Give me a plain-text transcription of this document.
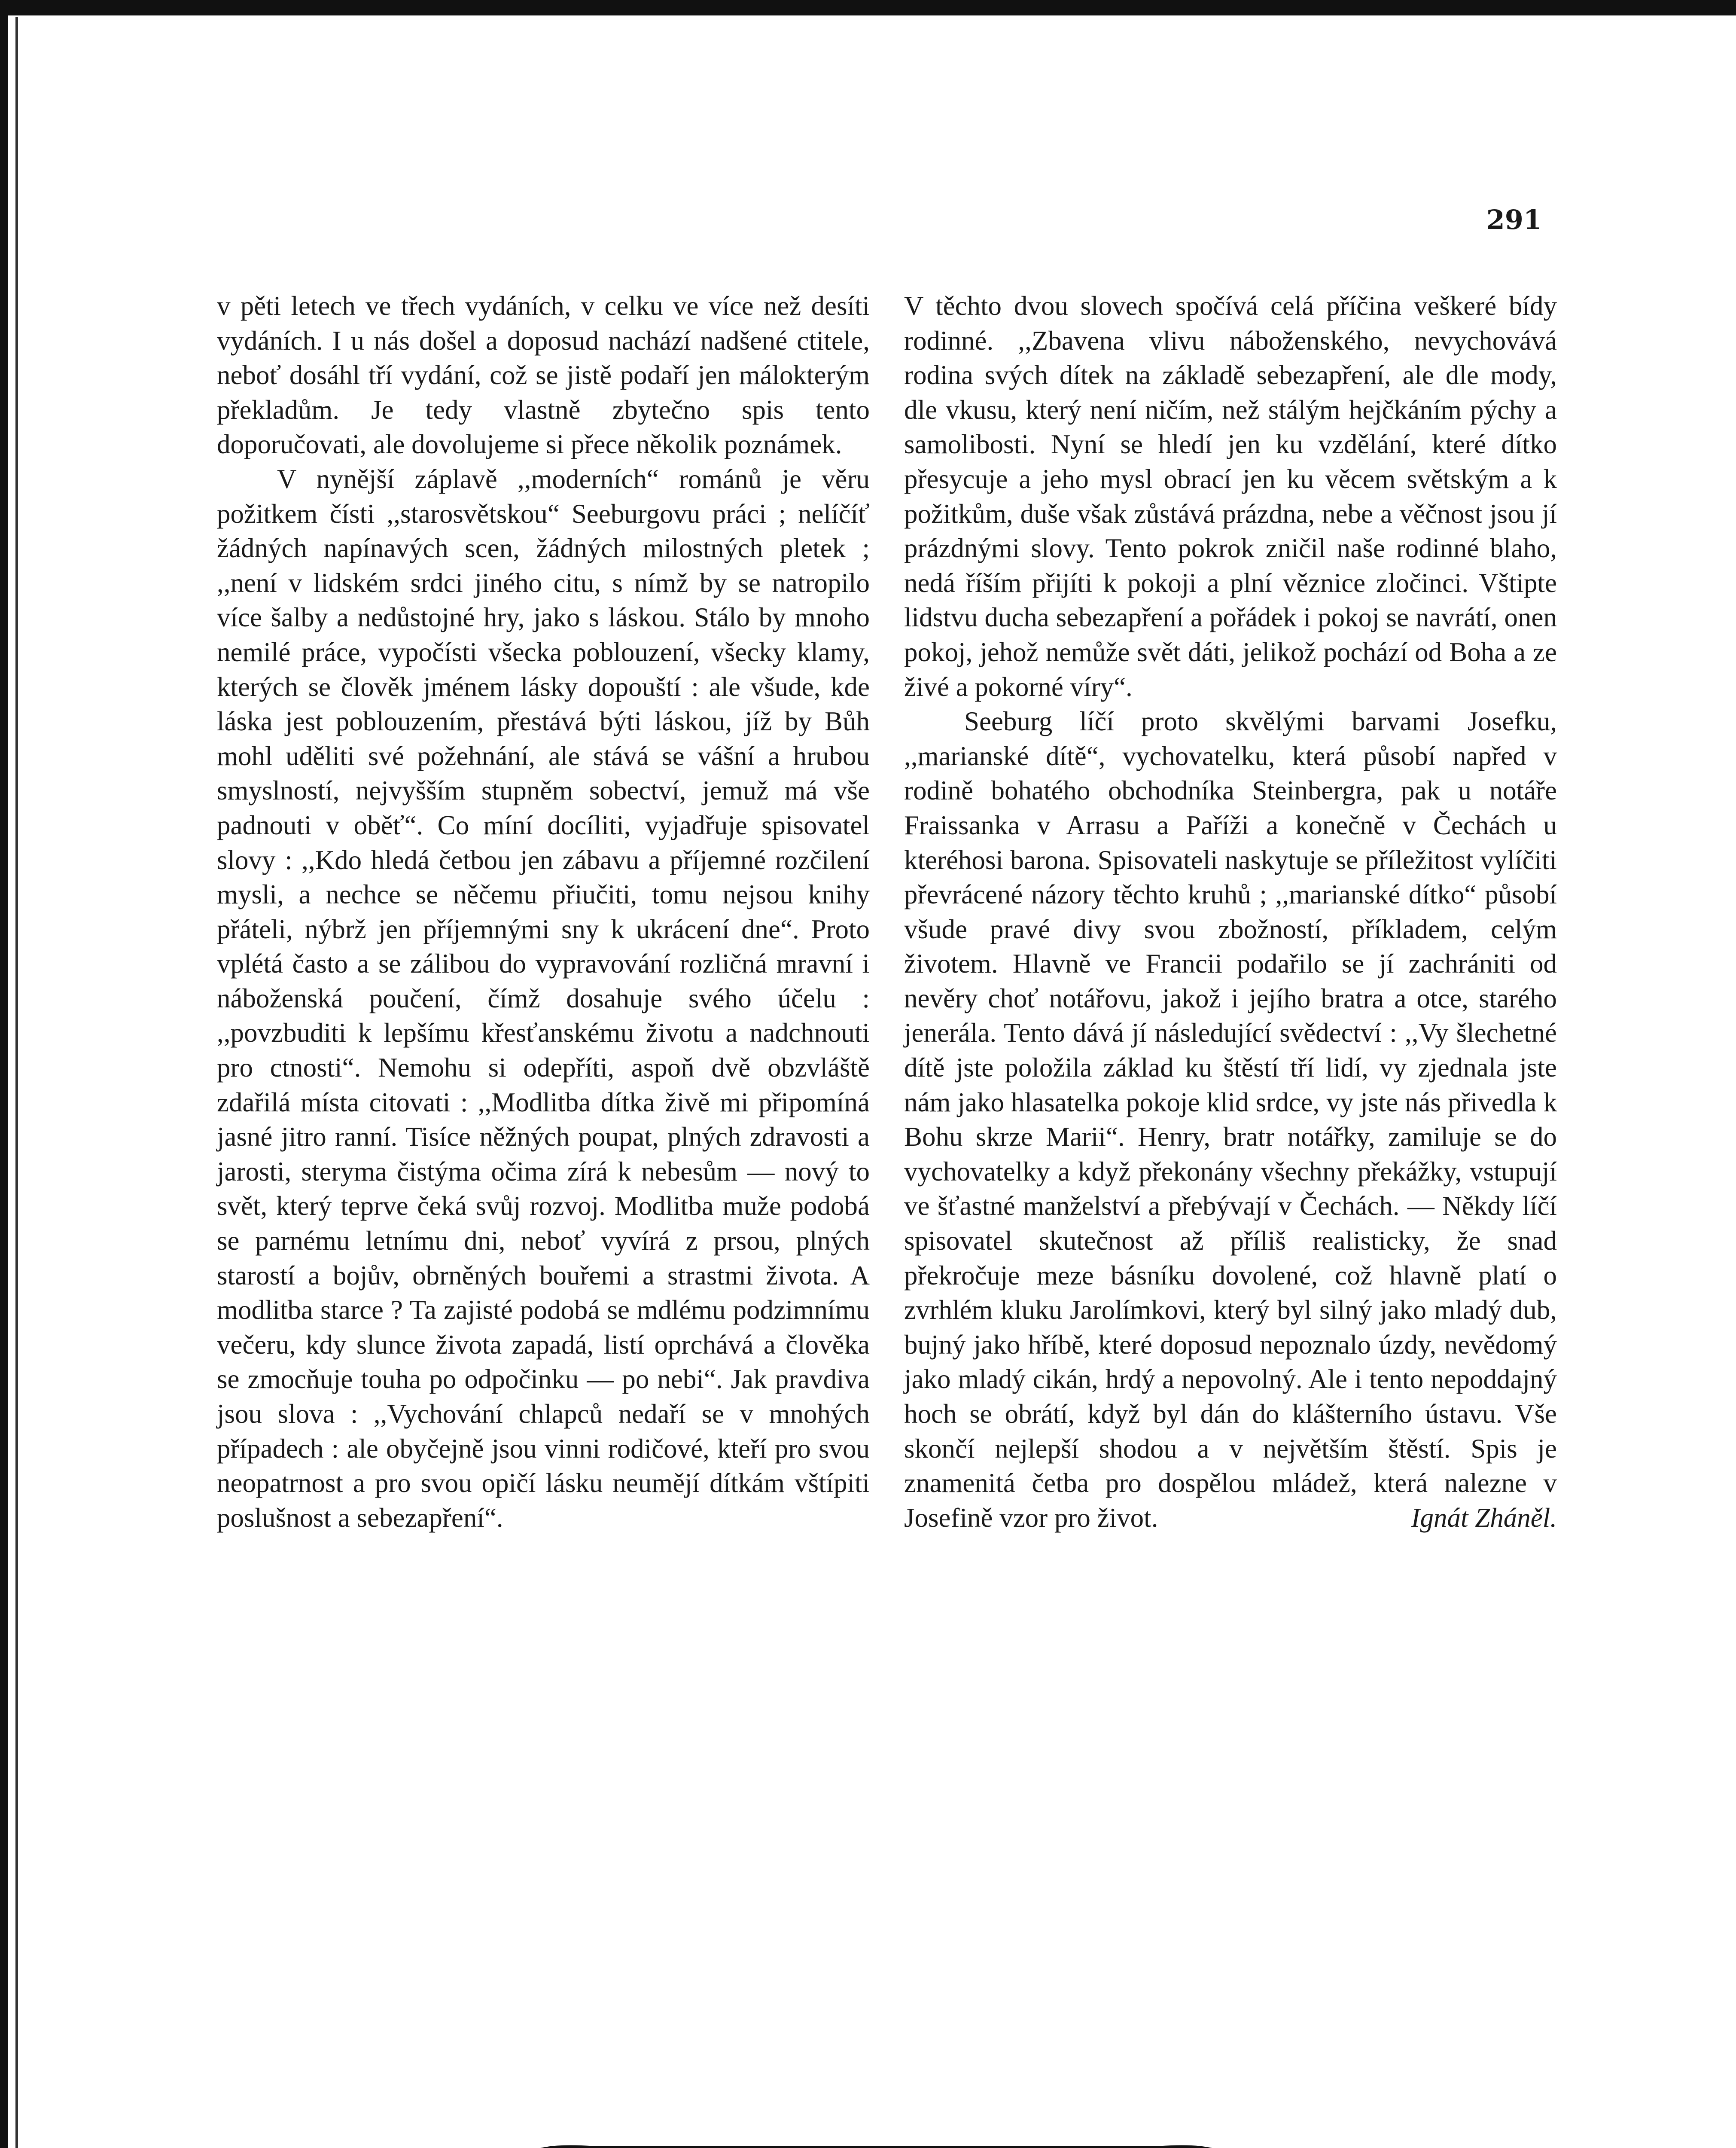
291

v pěti letech ve třech vydáních, v celku ve více než desíti vydáních. I u nás došel a doposud nachází nadšené ctitele, neboť dosáhl tří vydání, což se jistě podaří jen málokterým překladům. Je tedy vlastně zbytečno spis tento doporučovati, ale dovolujeme si přece několik poznámek.

V nynější záplavě ,,moderních“ románů je věru požitkem čísti ,,starosvětskou“ Seeburgovu práci ; nelíčíť žádných napínavých scen, žádných milostných pletek ; ,,není v lidském srdci jiného citu, s nímž by se natropilo více šalby a nedůstojné hry, jako s láskou. Stálo by mnoho nemilé práce, vypočísti všecka poblouzení, všecky klamy, kterých se člověk jménem lásky dopouští : ale všude, kde láska jest poblouzením, přestává býti láskou, jíž by Bůh mohl uděliti své požehnání, ale stává se vášní a hrubou smyslností, nejvyšším stupněm sobectví, jemuž má vše padnouti v oběť“. Co míní docíliti, vyjadřuje spisovatel slovy : ,,Kdo hledá četbou jen zábavu a příjemné rozčilení mysli, a nechce se něčemu přiučiti, tomu nejsou knihy přáteli, nýbrž jen příjemnými sny k ukrácení dne“. Proto vplétá často a se zálibou do vypravování rozličná mravní i náboženská poučení, čímž dosahuje svého účelu : ,,povzbuditi k lepšímu křesťanskému životu a nadchnouti pro ctnosti“. Nemohu si odepříti, aspoň dvě obzvláště zdařilá místa citovati : ,,Modlitba dítka živě mi připomíná jasné jitro ranní. Tisíce něžných poupat, plných zdravosti a jarosti, steryma čistýma očima zírá k nebesům — nový to svět, který teprve čeká svůj rozvoj. Modlitba muže podobá se parnému letnímu dni, neboť vyvírá z prsou, plných starostí a bojův, obrněných bouřemi a strastmi života. A modlitba starce ? Ta zajisté podobá se mdlému podzimnímu večeru, kdy slunce života zapadá, listí oprchává a člověka se zmocňuje touha po odpočinku — po nebi“. Jak pravdiva jsou slova : ,,Vychování chlapců nedaří se v mnohých případech : ale obyčejně jsou vinni rodičové, kteří pro svou neopatrnost a pro svou opičí lásku neumějí dítkám vštípiti poslušnost a sebezapření“.

V těchto dvou slovech spočívá celá příčina veškeré bídy rodinné. ,,Zbavena vlivu náboženského, nevychovává rodina svých dítek na základě sebezapření, ale dle mody, dle vkusu, který není ničím, než stálým hejčkáním pýchy a samolibosti. Nyní se hledí jen ku vzdělání, které dítko přesycuje a jeho mysl obrací jen ku věcem světským a k požitkům, duše však zůstává prázdna, nebe a věčnost jsou jí prázdnými slovy. Tento pokrok zničil naše rodinné blaho, nedá říším přijíti k pokoji a plní věznice zločinci. Vštipte lidstvu ducha sebezapření a pořádek i pokoj se navrátí, onen pokoj, jehož nemůže svět dáti, jelikož pochází od Boha a ze živé a pokorné víry“.

Seeburg líčí proto skvělými barvami Josefku, ,,marianské dítě“, vychovatelku, která působí napřed v rodině bohatého obchodníka Steinbergra, pak u notáře Fraissanka v Arrasu a Paříži a konečně v Čechách u kteréhosi barona. Spisovateli naskytuje se příležitost vylíčiti převrácené názory těchto kruhů ; ,,marianské dítko“ působí všude pravé divy svou zbožností, příkladem, celým životem. Hlavně ve Francii podařilo se jí zachrániti od nevěry choť notářovu, jakož i jejího bratra a otce, starého jenerála. Tento dává jí následující svědectví : ,,Vy šlechetné dítě jste položila základ ku štěstí tří lidí, vy zjednala jste nám jako hlasatelka pokoje klid srdce, vy jste nás přivedla k Bohu skrze Marii“. Henry, bratr notářky, zamiluje se do vychovatelky a když překonány všechny překážky, vstupují ve šťastné manželství a přebývají v Čechách. — Někdy líčí spisovatel skutečnost až příliš realisticky, že snad překročuje meze básníku dovolené, což hlavně platí o zvrhlém kluku Jarolímkovi, který byl silný jako mladý dub, bujný jako hříbě, které doposud nepoznalo úzdy, nevědomý jako mladý cikán, hrdý a nepovolný. Ale i tento nepoddajný hoch se obrátí, když byl dán do klášterního ústavu. Vše skončí nejlepší shodou a v největším štěstí. Spis je znamenitá četba pro dospělou mládež, která nalezne v Josefině vzor pro život.	Ignát Zháněl.
